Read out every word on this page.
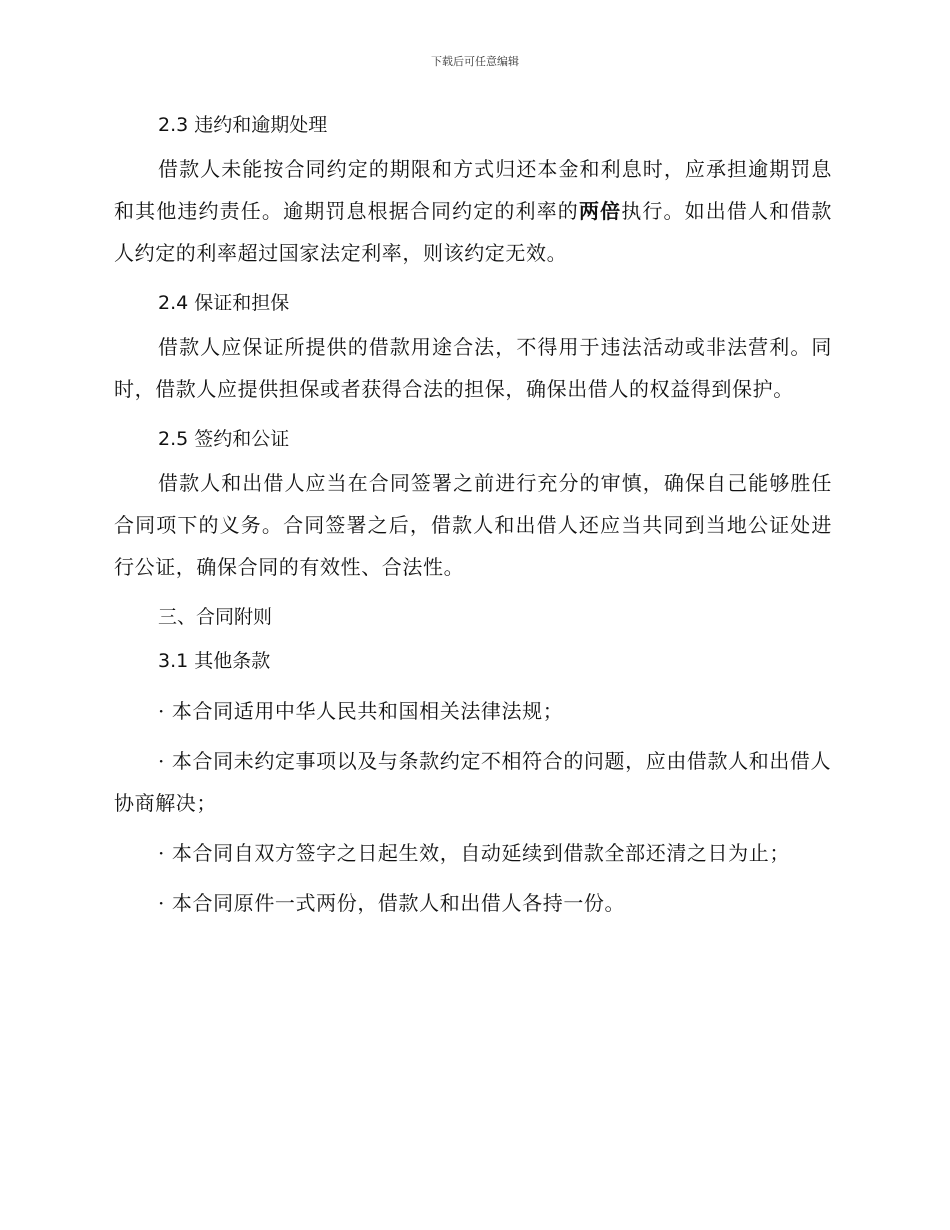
下载后可任意编辑
2.3 违约和逾期处理

借款人未能按合同约定的期限和方式归还本金和利息时，应承担逾期罚息和其他违约责任。逾期罚息根据合同约定的利率的两倍执行。如出借人和借款人约定的利率超过国家法定利率，则该约定无效。

2.4 保证和担保

借款人应保证所提供的借款用途合法，不得用于违法活动或非法营利。同时，借款人应提供担保或者获得合法的担保，确保出借人的权益得到保护。

2.5 签约和公证

借款人和出借人应当在合同签署之前进行充分的审慎，确保自己能够胜任合同项下的义务。合同签署之后，借款人和出借人还应当共同到当地公证处进行公证，确保合同的有效性、合法性。

三、合同附则
3.1 其他条款

· 本合同适用中华人民共和国相关法律法规；

· 本合同未约定事项以及与条款约定不相符合的问题，应由借款人和出借人协商解决；

· 本合同自双方签字之日起生效，自动延续到借款全部还清之日为止；

· 本合同原件一式两份，借款人和出借人各持一份。
